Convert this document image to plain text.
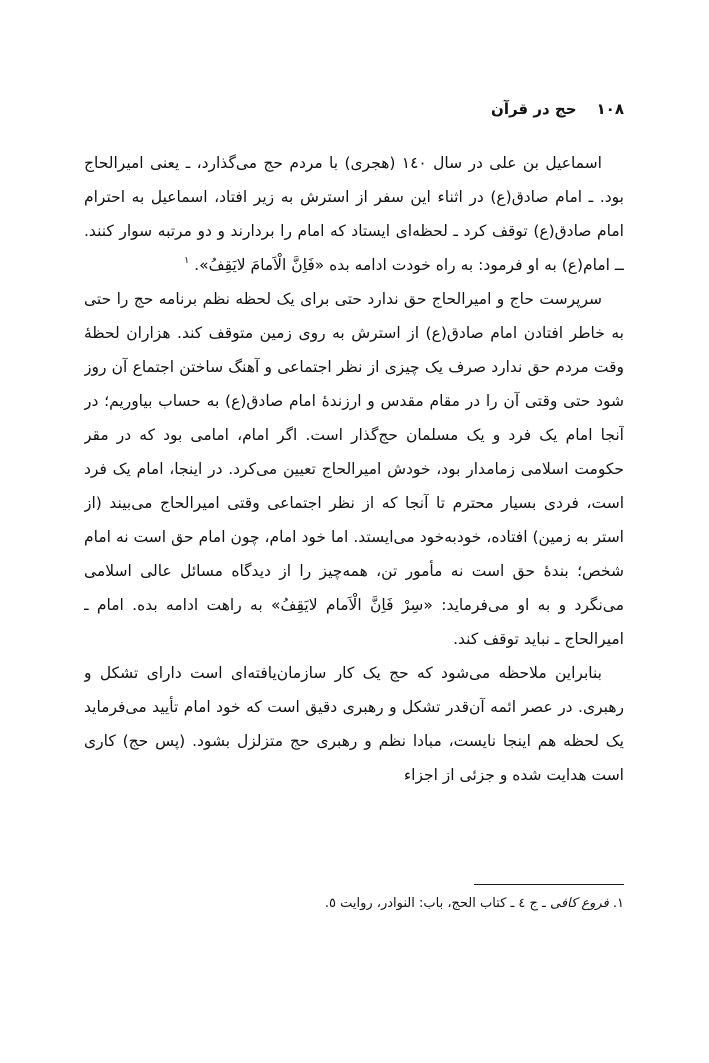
١٠٨حج در قرآن

اسماعیل بن علی در سال ١٤٠ (هجری) با مردم حج می‌گذارد، ـ یعنی امیرالحاج بود. ـ امام صادق(ع) در اثناء این سفر از استرش به زیر افتاد، اسماعیل به احترام امام صادق(ع) توقف کرد ـ لحظه‌ای ایستاد که امام را بردارند و دو مرتبه سوار کنند. ــ امام(ع) به او فرمود: به راه خودت ادامه بده «فَاِنَّ الْاَمامَ لایَقِفُ». $^١$

سرپرست حاج و امیرالحاج حق ندارد حتی برای یک لحظه نظم برنامه حج را حتی به خاطر افتادن امام صادق(ع) از استرش به روی زمین متوقف کند. هزاران لحظهٔ وقت مردم حق ندارد صرف یک چیزی از نظر اجتماعی و آهنگ ساختن اجتماع آن روز شود حتی وقتی آن را در مقام مقدس و ارزندهٔ امام صادق(ع) به حساب بیاوریم؛ در آنجا امام یک فرد و یک مسلمان حج‌گذار است. اگر امام، امامی بود که در مقر حکومت اسلامی زمامدار بود، خودش امیرالحاج تعیین می‌کرد. در اینجا، امام یک فرد است، فردی بسیار محترم تا آنجا که از نظر اجتماعی وقتی امیرالحاج می‌بیند (از استر به زمین) افتاده، خودبه‌خود می‌ایستد. اما خود امام، چون امام حق است نه امام شخص؛ بندهٔ حق است نه مأمور تن، همه‌چیز را از دیدگاه مسائل عالی اسلامی می‌نگرد و به او می‌فرماید: «سِرْ فَاِنَّ الْاَمام لایَقِفُ» به راهت ادامه بده. امام ـ امیرالحاج ـ نباید توقف کند.

بنابراین ملاحظه می‌شود که حج یک کار سازمان‌یافته‌ای است دارای تشکل و رهبری. در عصر ائمه آن‌قدر تشکل و رهبری دقیق است که خود امام تأیید می‌فرماید یک لحظه هم اینجا نایست، مبادا نظم و رهبری حج متزلزل بشود. (پس حج) کاری است هدایت شده و جزئی از اجزاء

١. فروع کافی ـ ج ٤ ـ کتاب الحج، باب: النوادر، روایت ٥.
